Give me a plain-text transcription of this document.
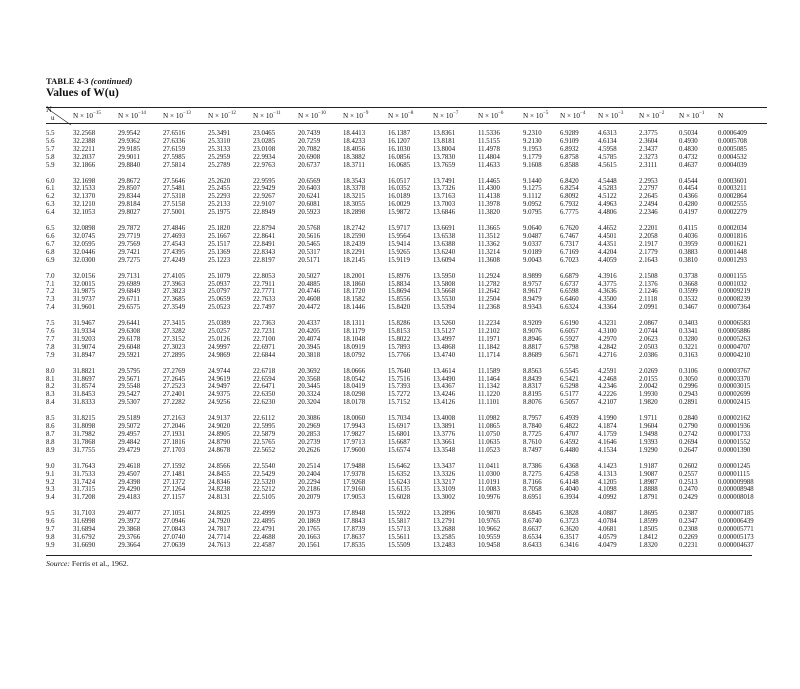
TABLE 4-3 (continued)
Values of W(u)
N
u	$N \times 10^{-15}$	$N \times 10^{-14}$	$N \times 10^{-13}$	$N \times 10^{-12}$	$N \times 10^{-11}$	$N \times 10^{-10}$	$N \times 10^{-9}$	$N \times 10^{-8}$	$N \times 10^{-7}$	$N \times 10^{-6}$	$N \times 10^{-5}$	$N \times 10^{-4}$	$N \times 10^{-3}$	$N \times 10^{-2}$	$N \times 10^{-1}$	N
5.5	32.2568	29.9542	27.6516	25.3491	23.0465	20.7439	18.4413	16.1387	13.8361	11.5336	9.2310	6.9289	4.6313	2.3775	0.5034	0.0006409
5.6	32.2388	29.9362	27.6336	25.3310	23.0285	20.7259	18.4233	16.1207	13.8181	11.5155	9.2130	6.9109	4.6134	2.3604	0.4930	0.0005708
5.7	32.2211	29.9185	27.6159	25.3133	23.0108	20.7082	18.4056	16.1030	13.8004	11.4978	9.1953	6.8932	4.5958	2.3437	0.4830	0.0005085
5.8	32.2037	29.9011	27.5985	25.2959	22.9934	20.6908	18.3882	16.0856	13.7830	11.4804	9.1779	6.8758	4.5785	2.3273	0.4732	0.0004532
5.9	32.1866	29.8840	27.5814	25.2789	22.9763	20.6737	18.3711	16.0685	13.7659	11.4633	9.1608	6.8588	4.5615	2.3111	0.4637	0.0004039
6.0	32.1698	29.8672	27.5646	25.2620	22.9595	20.6569	18.3543	16.0517	13.7491	11.4465	9.1440	6.8420	4.5448	2.2953	0.4544	0.0003601
6.1	32.1533	29.8507	27.5481	25.2455	22.9429	20.6403	18.3378	16.0352	13.7326	11.4300	9.1275	6.8254	4.5283	2.2797	0.4454	0.0003211
6.2	32.1370	29.8344	27.5318	25.2293	22.9267	20.6241	18.3215	16.0189	13.7163	11.4138	9.1112	6.8092	4.5122	2.2645	0.4366	0.0002864
6.3	32.1210	29.8184	27.5158	25.2133	22.9107	20.6081	18.3055	16.0029	13.7003	11.3978	9.0952	6.7932	4.4963	2.2494	0.4280	0.0002555
6.4	32.1053	29.8027	27.5001	25.1975	22.8949	20.5923	18.2898	15.9872	13.6846	11.3820	9.0795	6.7775	4.4806	2.2346	0.4197	0.0002279
6.5	32.0898	29.7872	27.4846	25.1820	22.8794	20.5768	18.2742	15.9717	13.6691	11.3665	9.0640	6.7620	4.4652	2.2201	0.4115	0.0002034
6.6	32.0745	29.7719	27.4693	25.1667	22.8641	20.5616	18.2590	15.9564	13.6538	11.3512	9.0487	6.7467	4.4501	2.2058	0.4036	0.0001816
6.7	32.0595	29.7569	27.4543	25.1517	22.8491	20.5465	18.2439	15.9414	13.6388	11.3362	9.0337	6.7317	4.4351	2.1917	0.3959	0.0001621
6.8	32.0446	29.7421	27.4395	25.1369	22.8343	20.5317	18.2291	15.9265	13.6240	11.3214	9.0189	6.7169	4.4204	2.1779	0.3883	0.0001448
6.9	32.0300	29.7275	27.4249	25.1223	22.8197	20.5171	18.2145	15.9119	13.6094	11.3608	9.0043	6.7023	4.4059	2.1643	0.3810	0.0001293
7.0	32.0156	29.7131	27.4105	25.1079	22.8053	20.5027	18.2001	15.8976	13.5950	11.2924	8.9899	6.6879	4.3916	2.1508	0.3738	0.0001155
7.1	32.0015	29.6989	27.3963	25.0937	22.7911	20.4885	18.1860	15.8834	13.5808	11.2782	8.9757	6.6737	4.3775	2.1376	0.3668	0.0001032
7.2	31.9875	29.6849	27.3823	25.0797	22.7771	20.4746	18.1720	15.8694	13.5668	11.2642	8.9617	6.6598	4.3636	2.1246	0.3599	0.00009219
7.3	31.9737	29.6711	27.3685	25.0659	22.7633	20.4608	18.1582	15.8556	13.5530	11.2504	8.9479	6.6460	4.3500	2.1118	0.3532	0.00008239
7.4	31.9601	29.6575	27.3549	25.0523	22.7497	20.4472	18.1446	15.8420	13.5394	11.2368	8.9343	6.6324	4.3364	2.0991	0.3467	0.00007364
7.5	31.9467	29.6441	27.3415	25.0389	22.7363	20.4337	18.1311	15.8286	13.5260	11.2234	8.9209	6.6190	4.3231	2.0867	0.3403	0.00006583
7.6	31.9334	29.6308	27.3282	25.0257	22.7231	20.4205	18.1179	15.8153	13.5127	11.2102	8.9076	6.6057	4.3100	2.0744	0.3341	0.00005886
7.7	31.9203	29.6178	27.3152	25.0126	22.7100	20.4074	18.1048	15.8022	13.4997	11.1971	8.8946	6.5927	4.2970	2.0623	0.3280	0.00005263
7.8	31.9074	29.6048	27.3023	24.9997	22.6971	20.3945	18.0919	15.7893	13.4868	11.1842	8.8817	6.5798	4.2842	2.0503	0.3221	0.00004707
7.9	31.8947	29.5921	27.2895	24.9869	22.6844	20.3818	18.0792	15.7766	13.4740	11.1714	8.8689	6.5671	4.2716	2.0386	0.3163	0.00004210
8.0	31.8821	29.5795	27.2769	24.9744	22.6718	20.3692	18.0666	15.7640	13.4614	11.1589	8.8563	6.5545	4.2591	2.0269	0.3106	0.00003767
8.1	31.8697	29.5671	27.2645	24.9619	22.6594	20.3568	18.0542	15.7516	13.4490	11.1464	8.8439	6.5421	4.2468	2.0155	0.3050	0.00003370
8.2	31.8574	29.5548	27.2523	24.9497	22.6471	20.3445	18.0419	15.7393	13.4367	11.1342	8.8317	6.5298	4.2346	2.0042	0.2996	0.00003015
8.3	31.8453	29.5427	27.2401	24.9375	22.6350	20.3324	18.0298	15.7272	13.4246	11.1220	8.8195	6.5177	4.2226	1.9930	0.2943	0.00002699
8.4	31.8333	29.5307	27.2282	24.9256	22.6230	20.3204	18.0178	15.7152	13.4126	11.1101	8.8076	6.5057	4.2107	1.9820	0.2891	0.00002415
8.5	31.8215	29.5189	27.2163	24.9137	22.6112	20.3086	18.0060	15.7034	13.4008	11.0982	8.7957	6.4939	4.1990	1.9711	0.2840	0.00002162
8.6	31.8098	29.5072	27.2046	24.9020	22.5995	20.2969	17.9943	15.6917	13.3891	11.0865	8.7840	6.4822	4.1874	1.9604	0.2790	0.00001936
8.7	31.7982	29.4957	27.1931	24.8905	22.5879	20.2853	17.9827	15.6801	13.3776	11.0750	8.7725	6.4707	4.1759	1.9498	0.2742	0.00001733
8.8	31.7868	29.4842	27.1816	24.8790	22.5765	20.2739	17.9713	15.6687	13.3661	11.0635	8.7610	6.4592	4.1646	1.9393	0.2694	0.00001552
8.9	31.7755	29.4729	27.1703	24.8678	22.5652	20.2626	17.9600	15.6574	13.3548	11.0523	8.7497	6.4480	4.1534	1.9290	0.2647	0.00001390
9.0	31.7643	29.4618	27.1592	24.8566	22.5540	20.2514	17.9488	15.6462	13.3437	11.0411	8.7386	6.4368	4.1423	1.9187	0.2602	0.00001245
9.1	31.7533	29.4507	27.1481	24.8455	22.5429	20.2404	17.9378	15.6352	13.3326	11.0300	8.7275	6.4258	4.1313	1.9087	0.2557	0.00001115
9.2	31.7424	29.4398	27.1372	24.8346	22.5320	20.2294	17.9268	15.6243	13.3217	11.0191	8.7166	6.4148	4.1205	1.8987	0.2513	0.000009988
9.3	31.7315	29.4290	27.1264	24.8238	22.5212	20.2186	17.9160	15.6135	13.3109	11.0083	8.7058	6.4040	4.1098	1.8888	0.2470	0.000008948
9.4	31.7208	29.4183	27.1157	24.8131	22.5105	20.2079	17.9053	15.6028	13.3002	10.9976	8.6951	6.3934	4.0992	1.8791	0.2429	0.000008018
9.5	31.7103	29.4077	27.1051	24.8025	22.4999	20.1973	17.8948	15.5922	13.2896	10.9870	8.6845	6.3828	4.0887	1.8695	0.2387	0.000007185
9.6	31.6998	29.3972	27.0946	24.7920	22.4895	20.1869	17.8843	15.5817	13.2791	10.9765	8.6740	6.3723	4.0784	1.8599	0.2347	0.000006439
9.7	31.6894	29.3868	27.0843	24.7817	22.4791	20.1765	17.8739	15.5713	13.2688	10.9662	8.6637	6.3620	4.0681	1.8505	0.2308	0.000005771
9.8	31.6792	29.3766	27.0740	24.7714	22.4688	20.1663	17.8637	15.5611	13.2585	10.9559	8.6534	6.3517	4.0579	1.8412	0.2269	0.000005173
9.9	31.6690	29.3664	27.0639	24.7613	22.4587	20.1561	17.8535	15.5509	13.2483	10.9458	8.6433	6.3416	4.0479	1.8320	0.2231	0.000004637
Source: Ferris et al., 1962.
